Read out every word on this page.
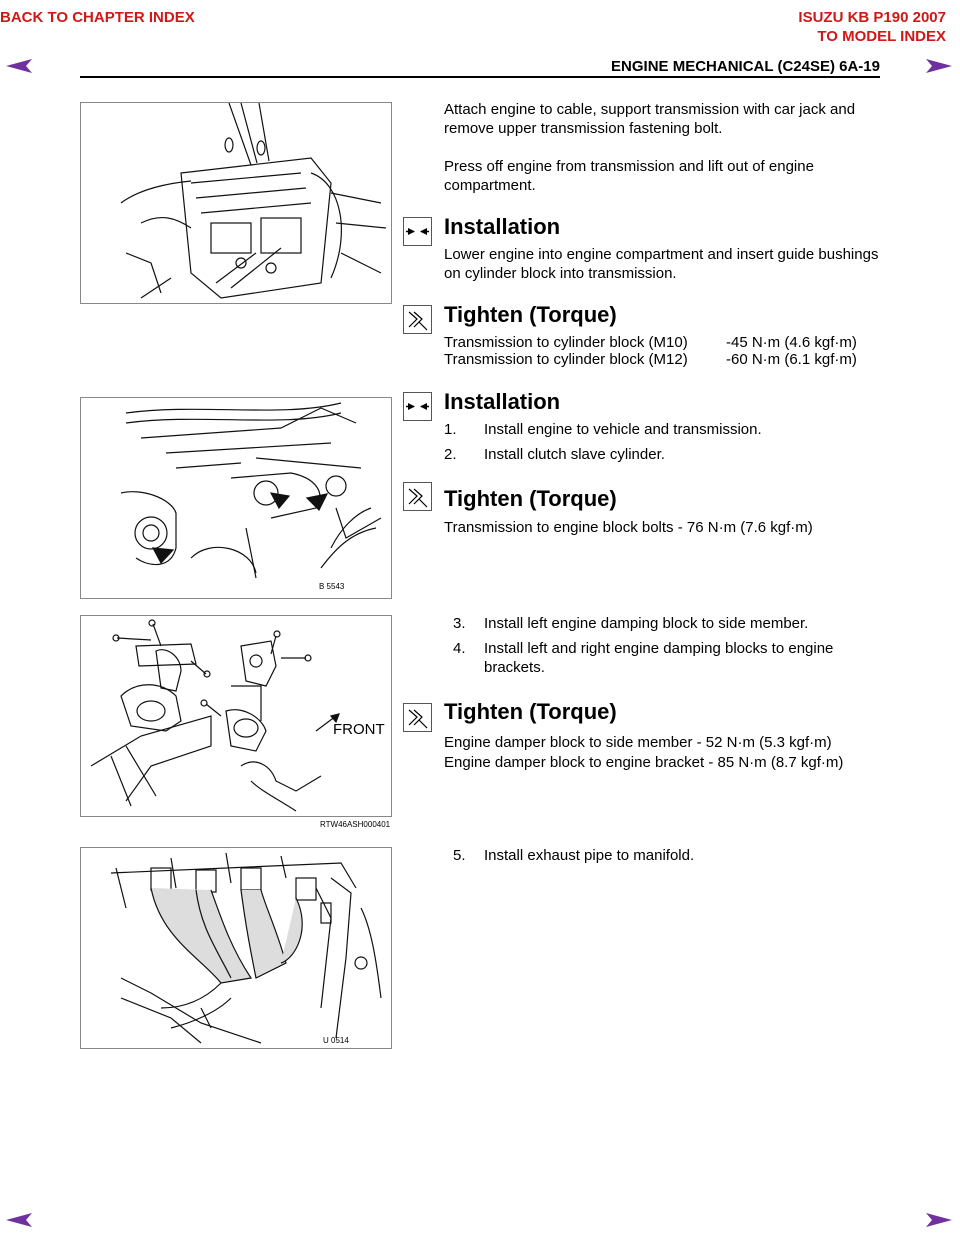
BACK TO CHAPTER INDEX	ISUZU KB P190 2007
TO MODEL INDEX
ENGINE MECHANICAL (C24SE) 6A-19
Attach engine to cable, support transmission with car jack and remove upper transmission fastening bolt.
Press off engine from transmission and lift out of engine compartment.
Installation
Lower engine into engine compartment and insert guide bushings on cylinder block into transmission.
Tighten (Torque)
Transmission to cylinder block (M10)	-45 N·m (4.6 kgf·m)
Transmission to cylinder block (M12)	-60 N·m (6.1 kgf·m)
B 5543
Installation
1. Install engine to vehicle and transmission.
2. Install clutch slave cylinder.
Tighten (Torque)
Transmission to engine block bolts - 76 N·m (7.6 kgf·m)
FRONT
RTW46ASH000401
3. Install left engine damping block to side member.
4. Install left and right engine damping blocks to engine brackets.
Tighten (Torque)
Engine damper block to side member - 52 N·m (5.3 kgf·m)
Engine damper block to engine bracket - 85 N·m (8.7 kgf·m)
U 0514
5. Install exhaust pipe to manifold.
